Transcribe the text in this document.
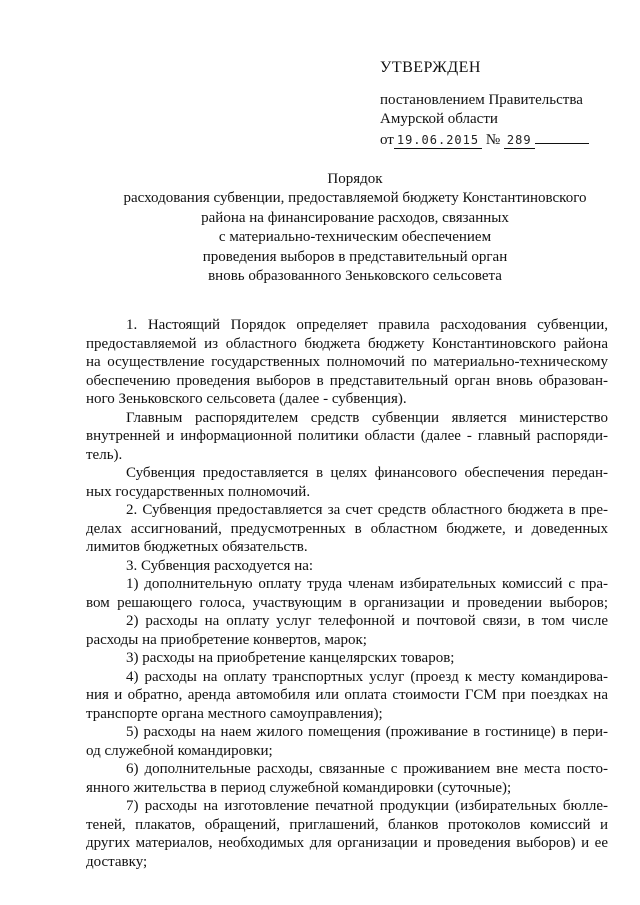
УТВЕРЖДЕН
постановлением Правительства
Амурской области
от 19.06.2015 № 289
Порядок
расходования субвенции, предоставляемой бюджету Константиновского
района на финансирование расходов, связанных
с материально-техническим обеспечением
проведения выборов в представительный орган
вновь образованного Зеньковского сельсовета
1. Настоящий Порядок определяет правила расходования субвенции,
предоставляемой из областного бюджета бюджету Константиновского района
на осуществление государственных полномочий по материально-техническому
обеспечению проведения выборов в представительный орган вновь образован-
ного Зеньковского сельсовета (далее - субвенция).
Главным распорядителем средств субвенции является министерство
внутренней и информационной политики области (далее - главный распоряди-
тель).
Субвенция предоставляется в целях финансового обеспечения передан-
ных государственных полномочий.
2. Субвенция предоставляется за счет средств областного бюджета в пре-
делах ассигнований, предусмотренных в областном бюджете, и доведенных
лимитов бюджетных обязательств.
3. Субвенция расходуется на:
1) дополнительную оплату труда членам избирательных комиссий с пра-
вом решающего голоса, участвующим в организации и проведении выборов;
2) расходы на оплату услуг телефонной и почтовой связи, в том числе
расходы на приобретение конвертов, марок;
3) расходы на приобретение канцелярских товаров;
4) расходы на оплату транспортных услуг (проезд к месту командирова-
ния и обратно, аренда автомобиля или оплата стоимости ГСМ при поездках на
транспорте органа местного самоуправления);
5) расходы на наем жилого помещения (проживание в гостинице) в пери-
од служебной командировки;
6) дополнительные расходы, связанные с проживанием вне места посто-
янного жительства в период служебной командировки (суточные);
7) расходы на изготовление печатной продукции (избирательных бюлле-
теней, плакатов, обращений, приглашений, бланков протоколов комиссий и
других материалов, необходимых для организации и проведения выборов) и ее
доставку;
